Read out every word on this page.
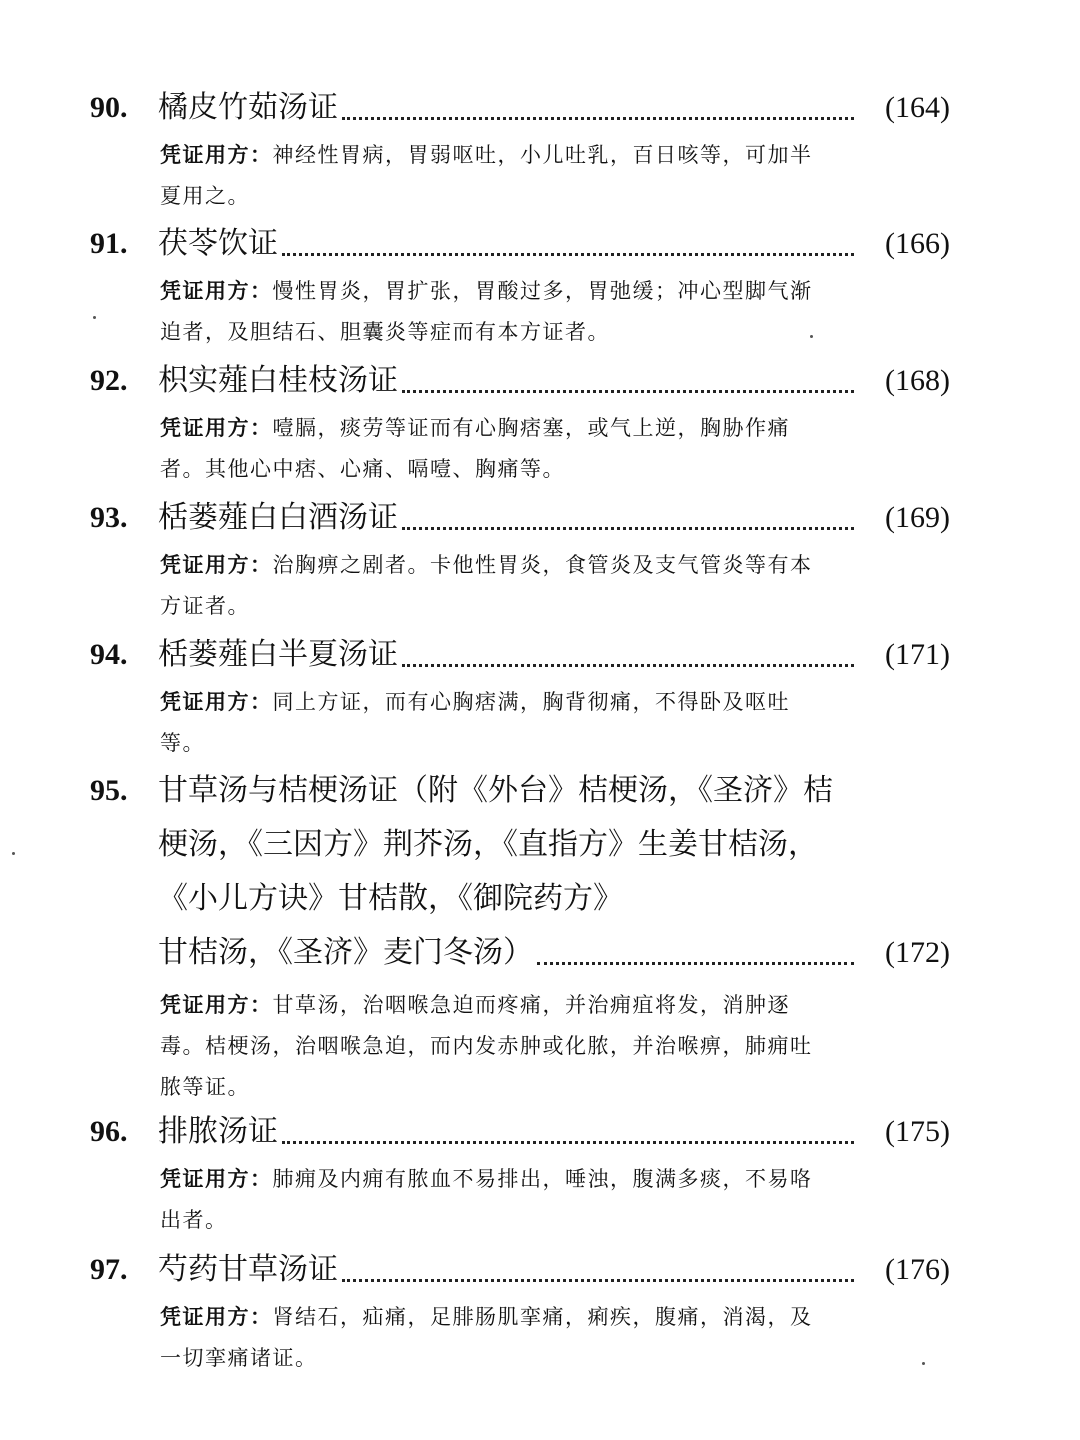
90.	橘皮竹茹汤证	(164)
凭证用方：神经性胃病，胃弱呕吐，小儿吐乳，百日咳等，可加半夏用之。
91.	茯苓饮证	(166)
凭证用方：慢性胃炎，胃扩张，胃酸过多，胃弛缓；冲心型脚气渐迫者，及胆结石、胆囊炎等症而有本方证者。
92.	枳实薤白桂枝汤证	(168)
凭证用方：噎膈，痰劳等证而有心胸痞塞，或气上逆，胸胁作痛者。其他心中痞、心痛、嗝噎、胸痛等。
93.	栝蒌薤白白酒汤证	(169)
凭证用方：治胸痹之剧者。卡他性胃炎，食管炎及支气管炎等有本方证者。
94.	栝蒌薤白半夏汤证	(171)
凭证用方：同上方证，而有心胸痞满，胸背彻痛，不得卧及呕吐等。
95.	甘草汤与桔梗汤证（附《外台》桔梗汤，《圣济》桔梗汤，《三因方》荆芥汤，《直指方》生姜甘桔汤，《小儿方诀》甘桔散，《御院药方》
甘桔汤，《圣济》麦门冬汤）	(172)
凭证用方：甘草汤，治咽喉急迫而疼痛，并治痈疽将发，消肿逐毒。桔梗汤，治咽喉急迫，而内发赤肿或化脓，并治喉痹，肺痈吐脓等证。
96.	排脓汤证	(175)
凭证用方：肺痈及内痈有脓血不易排出，唾浊，腹满多痰，不易咯出者。
97.	芍药甘草汤证	(176)
凭证用方：肾结石，疝痛，足腓肠肌挛痛，痢疾，腹痛，消渴，及一切挛痛诸证。
